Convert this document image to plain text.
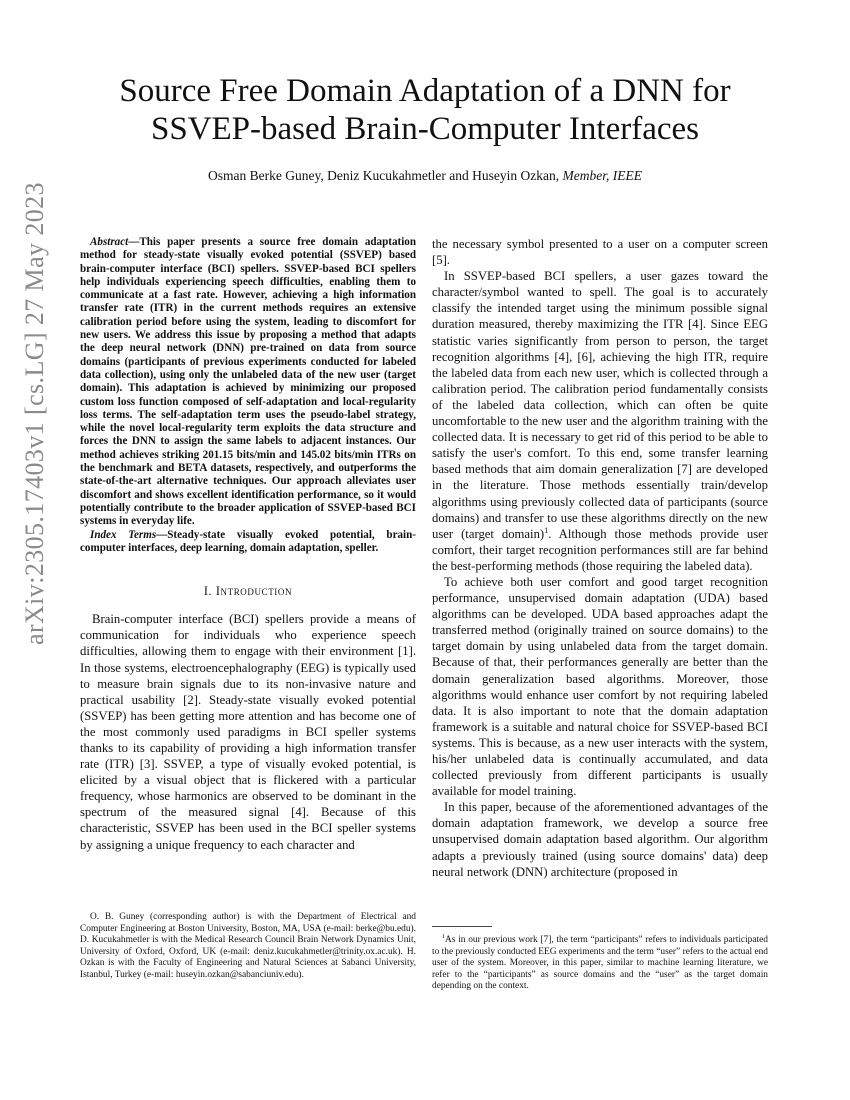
arXiv:2305.17403v1 [cs.LG] 27 May 2023
Source Free Domain Adaptation of a DNN for
SSVEP-based Brain-Computer Interfaces
Osman Berke Guney, Deniz Kucukahmetler and Huseyin Ozkan, Member, IEEE

Abstract—This paper presents a source free domain adaptation method for steady-state visually evoked potential (SSVEP) based brain-computer interface (BCI) spellers. SSVEP-based BCI spellers help individuals experiencing speech difficulties, enabling them to communicate at a fast rate. However, achieving a high information transfer rate (ITR) in the current methods requires an extensive calibration period before using the system, leading to discomfort for new users. We address this issue by proposing a method that adapts the deep neural network (DNN) pre-trained on data from source domains (participants of previous experiments conducted for labeled data collection), using only the unlabeled data of the new user (target domain). This adaptation is achieved by minimizing our proposed custom loss function composed of self-adaptation and local-regularity loss terms. The self-adaptation term uses the pseudo-label strategy, while the novel local-regularity term exploits the data structure and forces the DNN to assign the same labels to adjacent instances. Our method achieves striking 201.15 bits/min and 145.02 bits/min ITRs on the benchmark and BETA datasets, respectively, and outperforms the state-of-the-art alternative techniques. Our approach alleviates user discomfort and shows excellent identification performance, so it would potentially contribute to the broader application of SSVEP-based BCI systems in everyday life.

Index Terms—Steady-state visually evoked potential, brain-computer interfaces, deep learning, domain adaptation, speller.

I. Introduction

Brain-computer interface (BCI) spellers provide a means of communication for individuals who experience speech difficulties, allowing them to engage with their environment [1]. In those systems, electroencephalography (EEG) is typically used to measure brain signals due to its non-invasive nature and practical usability [2]. Steady-state visually evoked potential (SSVEP) has been getting more attention and has become one of the most commonly used paradigms in BCI speller systems thanks to its capability of providing a high information transfer rate (ITR) [3]. SSVEP, a type of visually evoked potential, is elicited by a visual object that is flickered with a particular frequency, whose harmonics are observed to be dominant in the spectrum of the measured signal [4]. Because of this characteristic, SSVEP has been used in the BCI speller systems by assigning a unique frequency to each character and

the necessary symbol presented to a user on a computer screen [5].

In SSVEP-based BCI spellers, a user gazes toward the character/symbol wanted to spell. The goal is to accurately classify the intended target using the minimum possible signal duration measured, thereby maximizing the ITR [4]. Since EEG statistic varies significantly from person to person, the target recognition algorithms [4], [6], achieving the high ITR, require the labeled data from each new user, which is collected through a calibration period. The calibration period fundamentally consists of the labeled data collection, which can often be quite uncomfortable to the new user and the algorithm training with the collected data. It is necessary to get rid of this period to be able to satisfy the user's comfort. To this end, some transfer learning based methods that aim domain generalization [7] are developed in the literature. Those methods essentially train/develop algorithms using previously collected data of participants (source domains) and transfer to use these algorithms directly on the new user (target domain)$^1$. Although those methods provide user comfort, their target recognition performances still are far behind the best-performing methods (those requiring the labeled data).

To achieve both user comfort and good target recognition performance, unsupervised domain adaptation (UDA) based algorithms can be developed. UDA based approaches adapt the transferred method (originally trained on source domains) to the target domain by using unlabeled data from the target domain. Because of that, their performances generally are better than the domain generalization based algorithms. Moreover, those algorithms would enhance user comfort by not requiring labeled data. It is also important to note that the domain adaptation framework is a suitable and natural choice for SSVEP-based BCI systems. This is because, as a new user interacts with the system, his/her unlabeled data is continually accumulated, and data collected previously from different participants is usually available for model training.

In this paper, because of the aforementioned advantages of the domain adaptation framework, we develop a source free unsupervised domain adaptation based algorithm. Our algorithm adapts a previously trained (using source domains' data) deep neural network (DNN) architecture (proposed in

O. B. Guney (corresponding author) is with the Department of Electrical and Computer Engineering at Boston University, Boston, MA, USA (e-mail: berke@bu.edu). D. Kucukahmetler is with the Medical Research Council Brain Network Dynamics Unit, University of Oxford, Oxford, UK (e-mail: deniz.kucukahmetler@trinity.ox.ac.uk). H. Ozkan is with the Faculty of Engineering and Natural Sciences at Sabanci University, Istanbul, Turkey (e-mail: huseyin.ozkan@sabanciuniv.edu).
$^1$As in our previous work [7], the term “participants” refers to individuals participated to the previously conducted EEG experiments and the term “user” refers to the actual end user of the system. Moreover, in this paper, similar to machine learning literature, we refer to the “participants” as source domains and the “user” as the target domain depending on the context.
